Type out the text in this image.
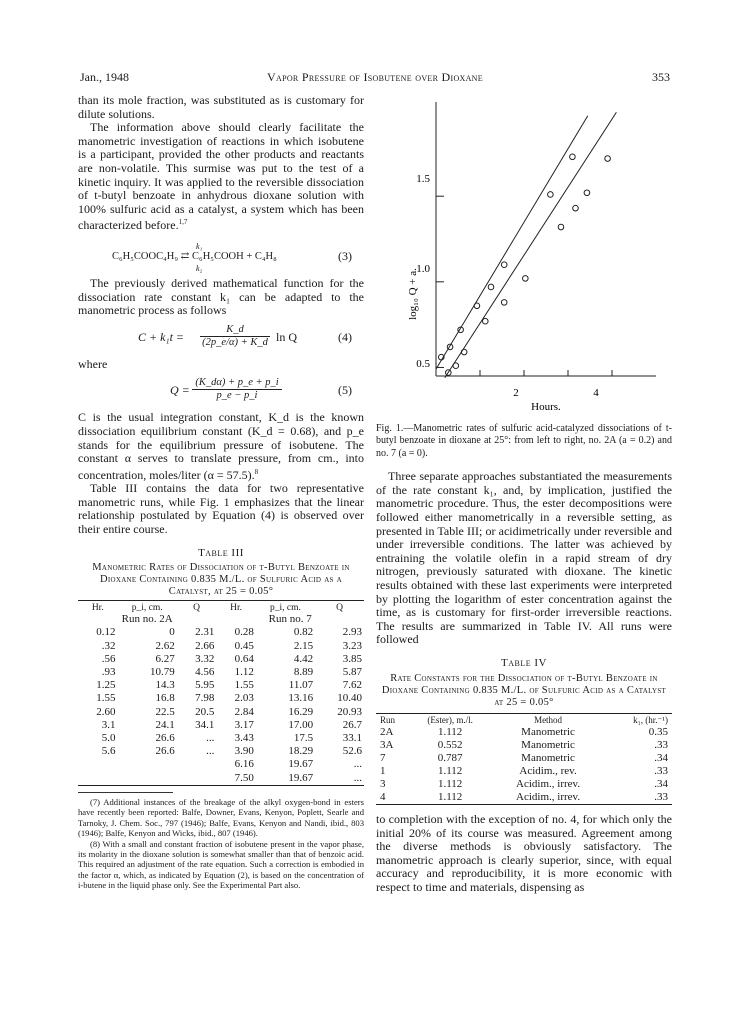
Jan., 1948	Vapor Pressure of Isobutene over Dioxane	353

than its mole fraction, was substituted as is customary for dilute solutions.

The information above should clearly facilitate the manometric investigation of reactions in which isobutene is a participant, provided the other products and reactants are non-volatile. This surmise was put to the test of a kinetic inquiry. It was applied to the reversible dissociation of t-butyl benzoate in anhydrous dioxane solution with 100% sulfuric acid as a catalyst, a system which has been characterized before.$^{1,7}$

C₆H₅COOC₄H₉ ⇄ C₆H₅COOH + C₄H₈
k₁
k₂
(3)

The previously derived mathematical function for the dissociation rate constant k₁ can be adapted to the manometric process as follows

C + k₁t =
K_d
(2p_e/α) + K_d ln Q	(4)

where

Q =
(K_dα) + p_e + p_i
p_e − p_i	(5)

C is the usual integration constant, K_d is the known dissociation equilibrium constant (K_d = 0.68), and p_e stands for the equilibrium pressure of isobutene. The constant α serves to translate pressure, from cm., into concentration, moles/liter (α = 57.5).$^8$

Table III contains the data for two representative manometric runs, while Fig. 1 emphasizes that the linear relationship postulated by Equation (4) is observed over their entire course.

Table III
Manometric Rates of Dissociation of t-Butyl Benzoate in Dioxane Containing 0.835 M./L. of Sulfuric Acid as a Catalyst, at 25 = 0.05°
Hr.	p_i, cm.	Q	Hr.	p_i, cm.	Q
Run no. 2A			Run no. 7		
0.12	0	2.31	0.28	0.82	2.93
.32	2.62	2.66	0.45	2.15	3.23
.56	6.27	3.32	0.64	4.42	3.85
.93	10.79	4.56	1.12	8.89	5.87
1.25	14.3	5.95	1.55	11.07	7.62
1.55	16.8	7.98	2.03	13.16	10.40
2.60	22.5	20.5	2.84	16.29	20.93
3.1	24.1	34.1	3.17	17.00	26.7
5.0	26.6	...	3.43	17.5	33.1
5.6	26.6	...	3.90	18.29	52.6
			6.16	19.67	...
			7.50	19.67	...

(7) Additional instances of the breakage of the alkyl oxygen-bond in esters have recently been reported: Balfe, Downer, Evans, Kenyon, Poplett, Searle and Tarnoky, J. Chem. Soc., 797 (1946); Balfe, Evans, Kenyon and Nandi, ibid., 803 (1946); Balfe, Kenyon and Wicks, ibid., 807 (1946).

(8) With a small and constant fraction of isobutene present in the vapor phase, its molarity in the dioxane solution is somewhat smaller than that of benzoic acid. This required an adjustment of the rate equation. Such a correction is embodied in the factor α, which, as indicated by Equation (2), is based on the concentration of i-butene in the liquid phase only. See the Experimental Part also.

log₁₀ Q + a.
Hours.
0.5
1.0
1.5
2	4
Fig. 1.—Manometric rates of sulfuric acid-catalyzed dissociations of t-butyl benzoate in dioxane at 25°: from left to right, no. 2A (a = 0.2) and no. 7 (a = 0).

Three separate approaches substantiated the measurements of the rate constant k₁, and, by implication, justified the manometric procedure. Thus, the ester decompositions were followed either manometrically in a reversible setting, as presented in Table III; or acidimetrically under reversible and under irreversible conditions. The latter was achieved by entraining the volatile olefin in a rapid stream of dry nitrogen, previously saturated with dioxane. The kinetic results obtained with these last experiments were interpreted by plotting the logarithm of ester concentration against the time, as is customary for first-order irreversible reactions. The results are summarized in Table IV. All runs were followed

Table IV
Rate Constants for the Dissociation of t-Butyl Benzoate in Dioxane Containing 0.835 M./L. of Sulfuric Acid as a Catalyst at 25 = 0.05°
Run	(Ester), m./l.	Method	k₁, (hr.⁻¹)
2A	1.112	Manometric	0.35
3A	0.552	Manometric	.33
7	0.787	Manometric	.34
1	1.112	Acidim., rev.	.33
3	1.112	Acidim., irrev.	.34
4	1.112	Acidim., irrev.	.33

to completion with the exception of no. 4, for which only the initial 20% of its course was measured. Agreement among the diverse methods is obviously satisfactory. The manometric approach is clearly superior, since, with equal accuracy and reproducibility, it is more economic with respect to time and materials, dispensing as
